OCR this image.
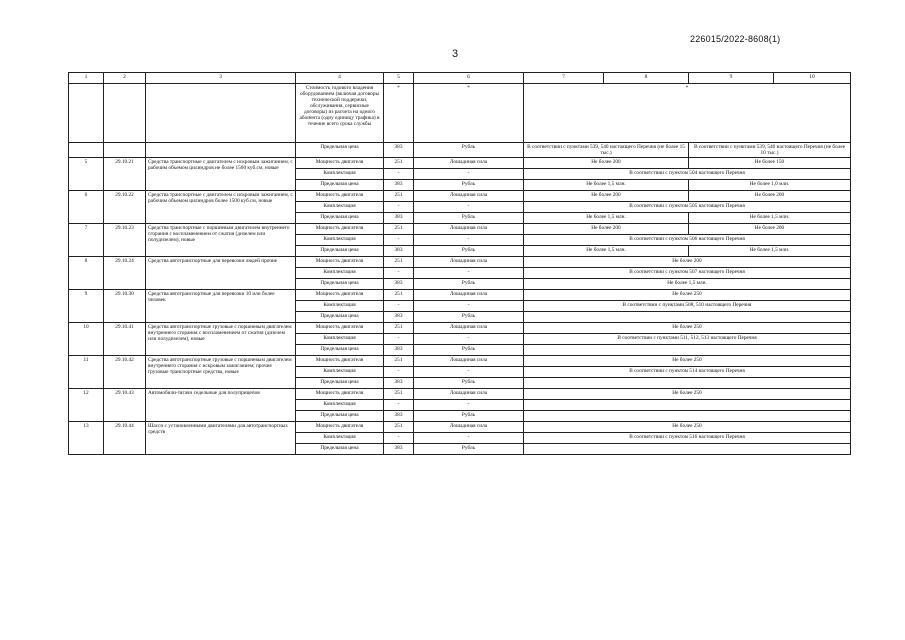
226015/2022-8608(1)
3
1	2	3	4	5	6	7	8	9	10
			Стоимость годового владения оборудованием (включая договоры технической поддержки, обслуживания, сервисные договоры) из расчета на одного абонента (одну единицу трафика) в течение всего срока службы	*	*	*			
			Предельная цена	383	Рубль	В соответствии с пунктами 539, 540 настоящего Перечня (не более 15 тыс.)		В соответствии с пунктами 539, 540 настоящего Перечня (не более 10 тыс.)	
5	29.10.21	Средства транспортные с двигателем с искровым зажиганием, с рабочим объемом цилиндров не более 1500 куб.см, новые	Мощность двигателя	251	Лошадиная сила	Не более 200		Не более 150	
			Комплектация	-	-	В соответствии с пунктом 504 настоящего Перечня			
			Предельная цена	383	Рубль	Не более 1,5 млн.		Не более 1,0 млн.	
6	29.10.22	Средства транспортные с двигателем с искровым зажиганием, с рабочим объемом цилиндров более 1500 куб.см, новые	Мощность двигателя	251	Лошадиная сила	Не более 200		Не более 200	
			Комплектация	-	-	В соответствии с пунктом 505 настоящего Перечня			
			Предельная цена	383	Рубль	Не более 1,5 млн.		Не более 1,5 млн.	
7	29.10.23	Средства транспортные с поршневым двигателем внутреннего сгорания с воспламенением от сжатия (дизелем или полудизелем), новые	Мощность двигателя	251	Лошадиная сила	Не более 200		Не более 200	
			Комплектация	-	-	В соответствии с пунктом 506 настоящего Перечня			
			Предельная цена	383	Рубль	Не более 1,5 млн.		Не более 1,5 млн.	
8	29.10.24	Средства автотранспортные для перевозки людей прочие	Мощность двигателя	251	Лошадиная сила	Не более 200			
			Комплектация	-	-	В соответствии с пунктом 507 настоящего Перечня			
			Предельная цена	383	Рубль	Не более 1,5 млн.			
9	29.10.30	Средства автотранспортные для перевозки 10 или более человек	Мощность двигателя	251	Лошадиная сила	Не более 250			
			Комплектация	-	-	В соответствии с пунктами 508, 510 настоящего Перечня			
			Предельная цена	383	Рубль				
10	29.10.41	Средства автотранспортные грузовые с поршневым двигателем внутреннего сгорания с воспламенением от сжатия (дизелем или полудизелем), новые	Мощность двигателя	251	Лошадиная сила	Не более 250			
			Комплектация	-	-	В соответствии с пунктами 511, 512, 513 настоящего Перечня			
			Предельная цена	383	Рубль				
11	29.10.42	Средства автотранспортные грузовые с поршневым двигателем внутреннего сгорания с искровым зажиганием; прочие грузовые транспортные средства, новые	Мощность двигателя	251	Лошадиная сила	Не более 250			
			Комплектация	-	-	В соответствии с пунктом 514 настоящего Перечня			
			Предельная цена	383	Рубль				
12	29.10.43	Автомобили-тягачи седельные для полуприцепов	Мощность двигателя	251	Лошадиная сила	Не более 250			
			Комплектация	-	-				
			Предельная цена	383	Рубль				
13	29.10.44	Шасси с установленными двигателями для автотранспортных средств	Мощность двигателя	251	Лошадиная сила	Не более 250			
			Комплектация	-	-	В соответствии с пунктом 516 настоящего Перечня			
			Предельная цена	383	Рубль				
